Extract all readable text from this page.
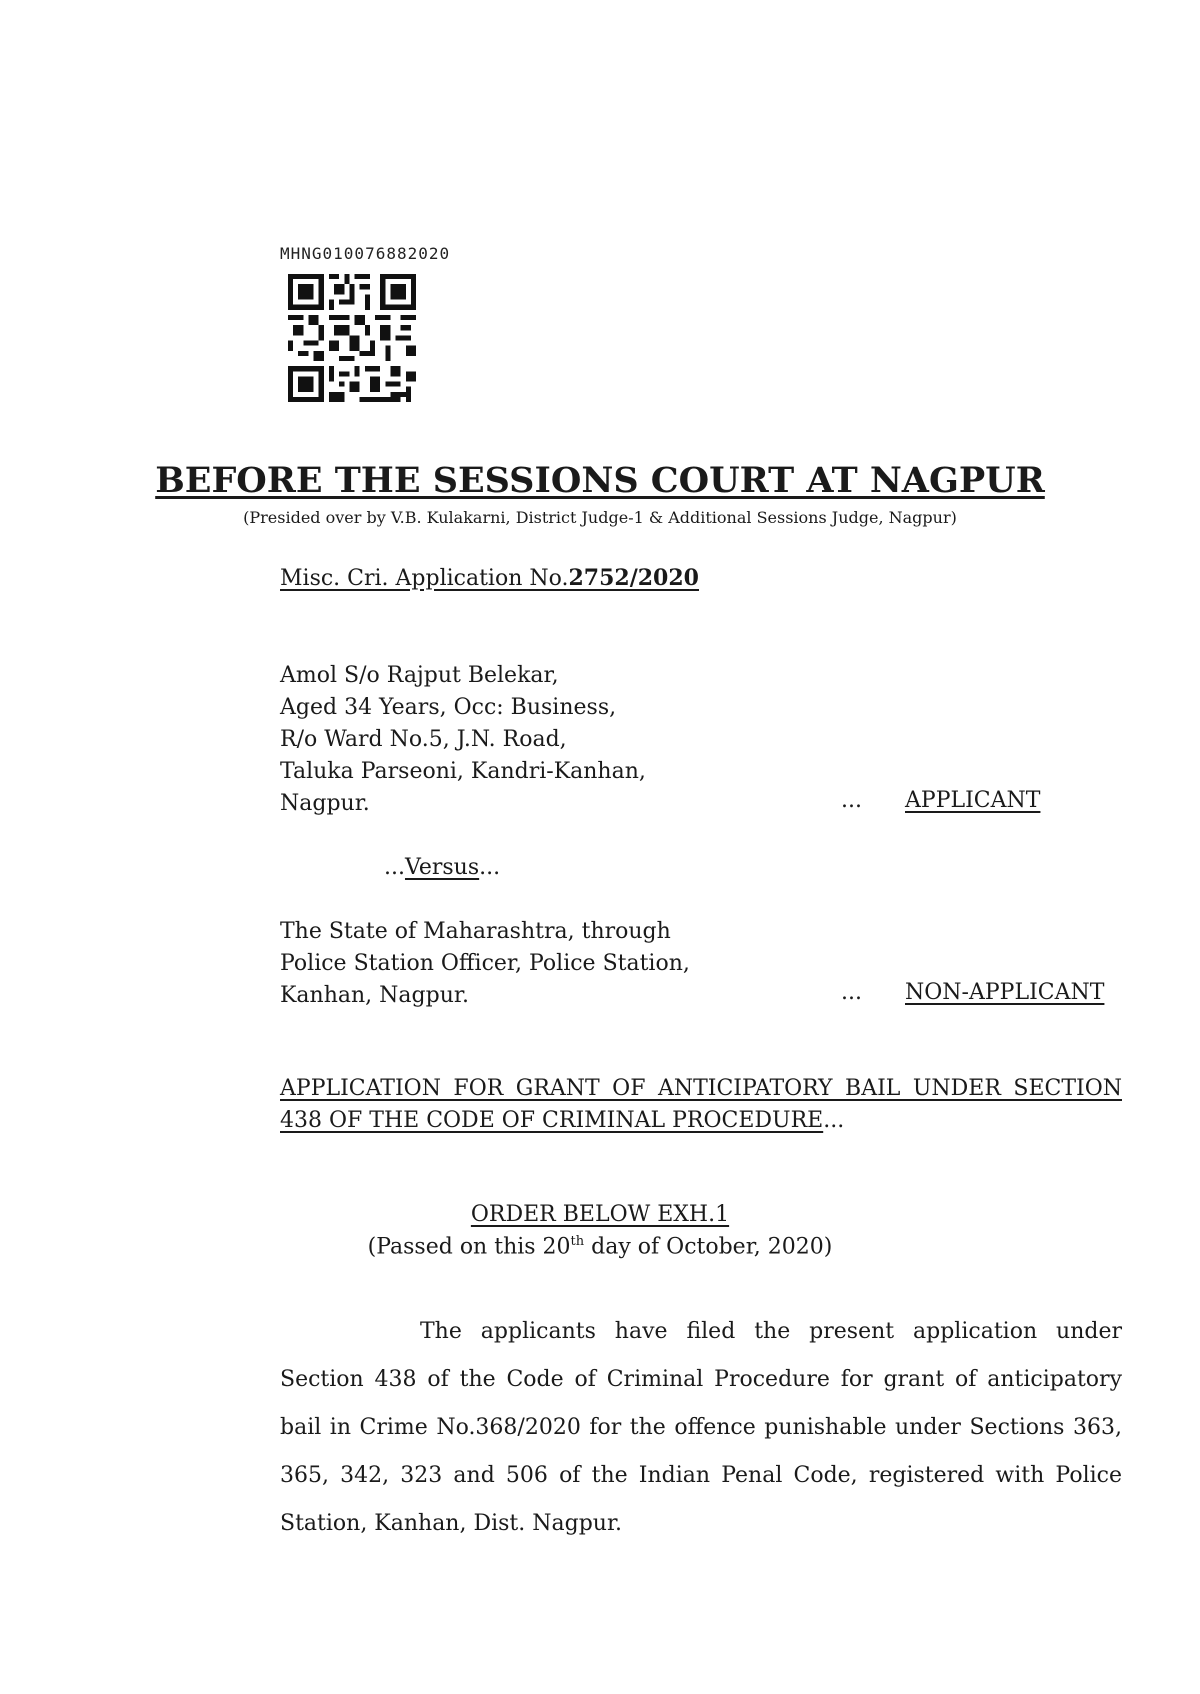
MHNG010076882020
BEFORE THE SESSIONS COURT AT NAGPUR
(Presided over by V.B. Kulakarni, District Judge-1 & Additional Sessions Judge, Nagpur)
Misc. Cri. Application No.2752/2020
Amol S/o Rajput Belekar,
Aged 34 Years, Occ: Business,
R/o Ward No.5, J.N. Road,
Taluka Parseoni, Kandri-Kanhan,
Nagpur.	... APPLICANT
...Versus...
The State of Maharashtra, through
Police Station Officer, Police Station,
Kanhan, Nagpur.	... NON-APPLICANT
APPLICATION FOR GRANT OF ANTICIPATORY BAIL UNDER SECTION 438 OF THE CODE OF CRIMINAL PROCEDURE...
ORDER BELOW EXH.1
(Passed on this 20th day of October, 2020)
The applicants have filed the present application under Section 438 of the Code of Criminal Procedure for grant of anticipatory bail in Crime No.368/2020 for the offence punishable under Sections 363, 365, 342, 323 and 506 of the Indian Penal Code, registered with Police Station, Kanhan, Dist. Nagpur.
